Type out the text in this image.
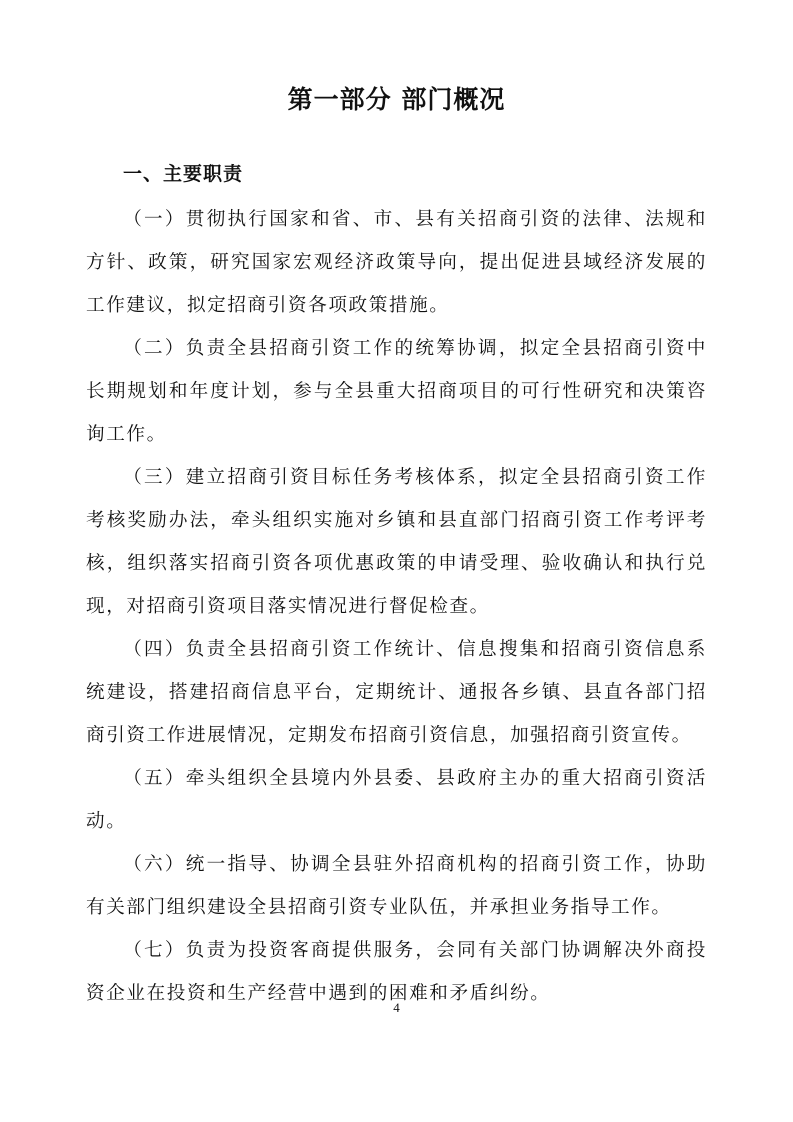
第一部分 部门概况
一、主要职责

（一）贯彻执行国家和省、市、县有关招商引资的法律、法规和方针、政策，研究国家宏观经济政策导向，提出促进县域经济发展的工作建议，拟定招商引资各项政策措施。

（二）负责全县招商引资工作的统筹协调，拟定全县招商引资中长期规划和年度计划，参与全县重大招商项目的可行性研究和决策咨询工作。

（三）建立招商引资目标任务考核体系，拟定全县招商引资工作考核奖励办法，牵头组织实施对乡镇和县直部门招商引资工作考评考核，组织落实招商引资各项优惠政策的申请受理、验收确认和执行兑现，对招商引资项目落实情况进行督促检查。

（四）负责全县招商引资工作统计、信息搜集和招商引资信息系统建设，搭建招商信息平台，定期统计、通报各乡镇、县直各部门招商引资工作进展情况，定期发布招商引资信息，加强招商引资宣传。

（五）牵头组织全县境内外县委、县政府主办的重大招商引资活动。

（六）统一指导、协调全县驻外招商机构的招商引资工作，协助有关部门组织建设全县招商引资专业队伍，并承担业务指导工作。

（七）负责为投资客商提供服务，会同有关部门协调解决外商投资企业在投资和生产经营中遇到的困难和矛盾纠纷。

4
